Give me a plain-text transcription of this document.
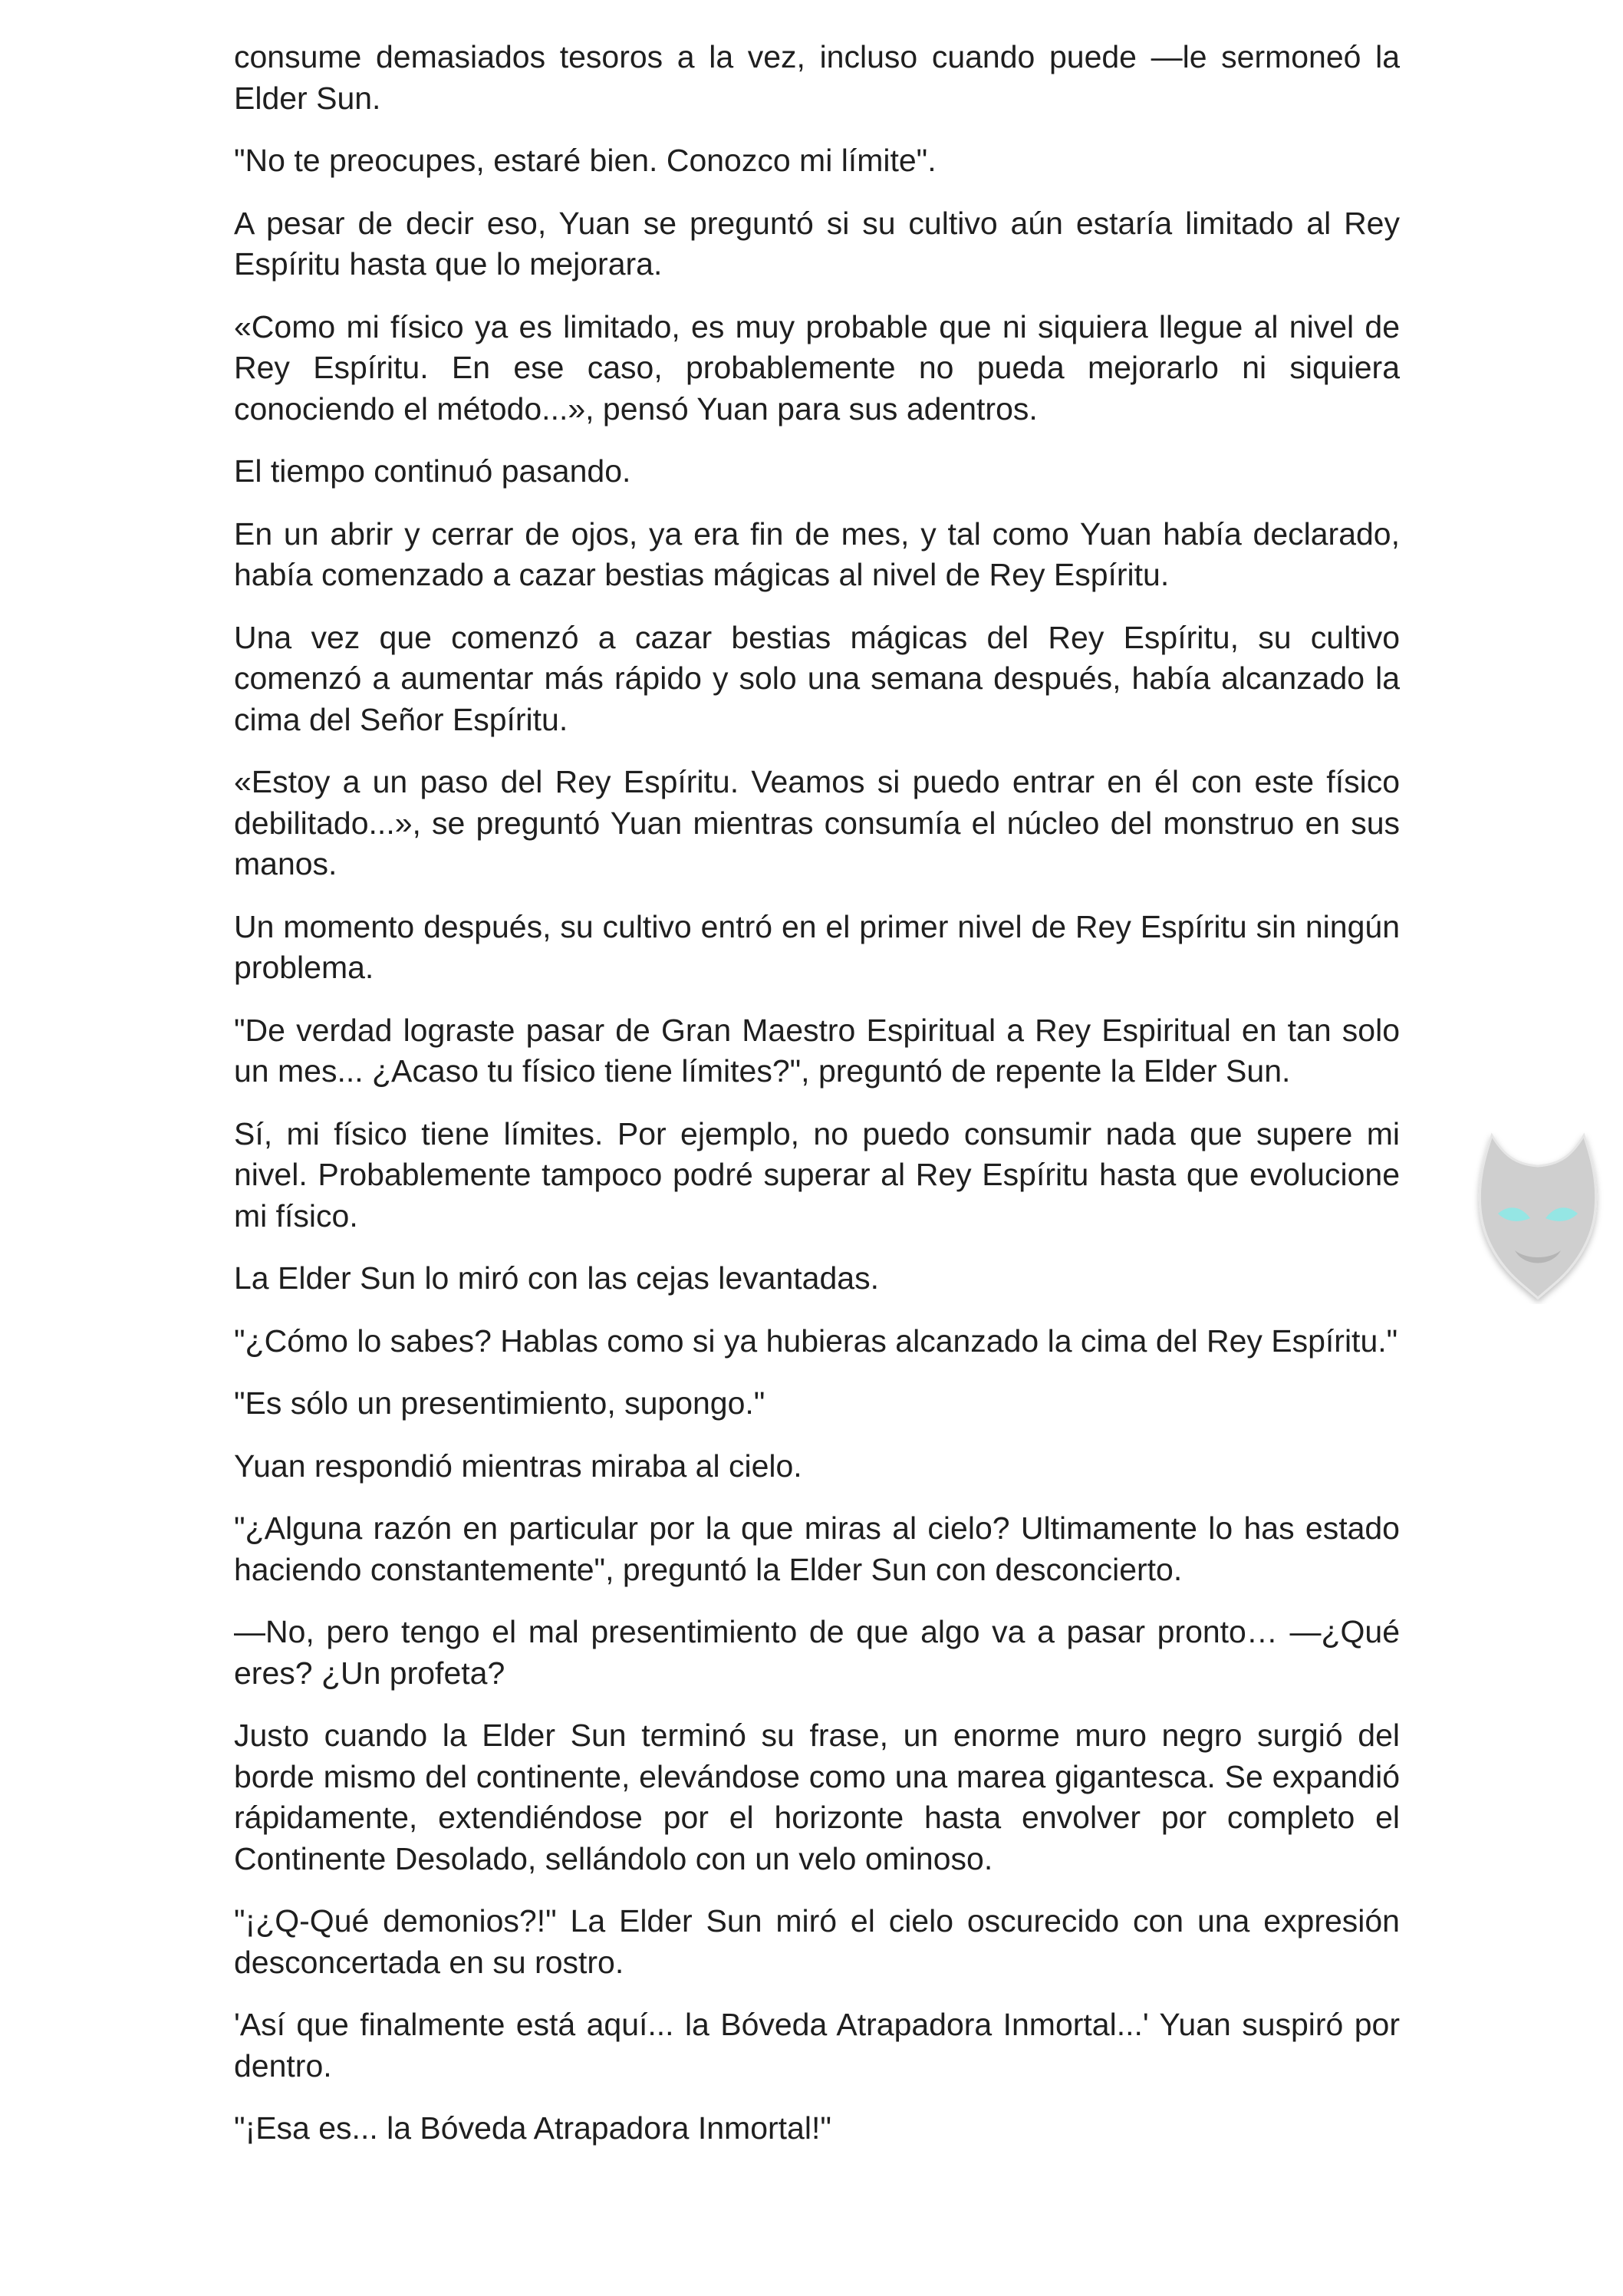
consume demasiados tesoros a la vez, incluso cuando puede —le sermoneó la Elder Sun.

"No te preocupes, estaré bien. Conozco mi límite".

A pesar de decir eso, Yuan se preguntó si su cultivo aún estaría limitado al Rey Espíritu hasta que lo mejorara.

«Como mi físico ya es limitado, es muy probable que ni siquiera llegue al nivel de Rey Espíritu. En ese caso, probablemente no pueda mejorarlo ni siquiera conociendo el método...», pensó Yuan para sus adentros.

El tiempo continuó pasando.

En un abrir y cerrar de ojos, ya era fin de mes, y tal como Yuan había declarado, había comenzado a cazar bestias mágicas al nivel de Rey Espíritu.

Una vez que comenzó a cazar bestias mágicas del Rey Espíritu, su cultivo comenzó a aumentar más rápido y solo una semana después, había alcanzado la cima del Señor Espíritu.

«Estoy a un paso del Rey Espíritu. Veamos si puedo entrar en él con este físico debilitado...», se preguntó Yuan mientras consumía el núcleo del monstruo en sus manos.

Un momento después, su cultivo entró en el primer nivel de Rey Espíritu sin ningún problema.

"De verdad lograste pasar de Gran Maestro Espiritual a Rey Espiritual en tan solo un mes... ¿Acaso tu físico tiene límites?", preguntó de repente la Elder Sun.

Sí, mi físico tiene límites. Por ejemplo, no puedo consumir nada que supere mi nivel. Probablemente tampoco podré superar al Rey Espíritu hasta que evolucione mi físico.

La Elder Sun lo miró con las cejas levantadas.

"¿Cómo lo sabes? Hablas como si ya hubieras alcanzado la cima del Rey Espíritu."

"Es sólo un presentimiento, supongo."

Yuan respondió mientras miraba al cielo.

"¿Alguna razón en particular por la que miras al cielo? Ultimamente lo has estado haciendo constantemente", preguntó la Elder Sun con desconcierto.

—No, pero tengo el mal presentimiento de que algo va a pasar pronto… —¿Qué eres? ¿Un profeta?

Justo cuando la Elder Sun terminó su frase, un enorme muro negro surgió del borde mismo del continente, elevándose como una marea gigantesca. Se expandió rápidamente, extendiéndose por el horizonte hasta envolver por completo el Continente Desolado, sellándolo con un velo ominoso.

"¡¿Q-Qué demonios?!" La Elder Sun miró el cielo oscurecido con una expresión desconcertada en su rostro.

'Así que finalmente está aquí... la Bóveda Atrapadora Inmortal...' Yuan suspiró por dentro.

"¡Esa es... la Bóveda Atrapadora Inmortal!"
